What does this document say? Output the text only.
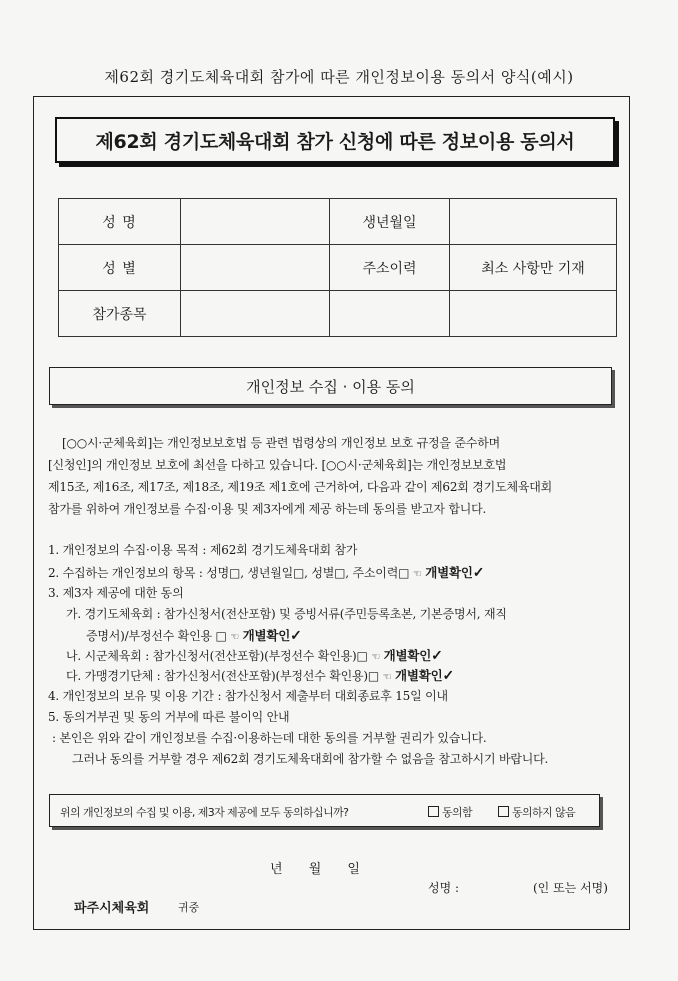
제62회 경기도체육대회 참가에 따른 개인정보이용 동의서 양식(예시)
제62회 경기도체육대회 참가 신청에 따른 정보이용 동의서
성 명		생년월일	
성 별		주소이력	최소 사항만 기재
참가종목			
개인정보 수집 · 이용 동의
[○○시·군체육회]는 개인정보보호법 등 관련 법령상의 개인정보 보호 규정을 준수하며
[신청인]의 개인정보 보호에 최선을 다하고 있습니다. [○○시·군체육회]는 개인정보보호법
제15조, 제16조, 제17조, 제18조, 제19조 제1호에 근거하여, 다음과 같이 제62회 경기도체육대회
참가를 위하여 개인정보를 수집·이용 및 제3자에게 제공 하는데 동의를 받고자 합니다.
1. 개인정보의 수집·이용 목적 : 제62회 경기도체육대회 참가
2. 수집하는 개인정보의 항목 : 성명□, 생년월일□, 성별□, 주소이력□ ☜ 개별확인✓
3. 제3자 제공에 대한 동의
가. 경기도체육회 : 참가신청서(전산포함) 및 증빙서류(주민등록초본, 기본증명서, 재직
증명서)/부정선수 확인용 □ ☜ 개별확인✓
나. 시군체육회 : 참가신청서(전산포함)(부정선수 확인용)□ ☜ 개별확인✓
다. 가맹경기단체 : 참가신청서(전산포함)(부정선수 확인용)□ ☜ 개별확인✓
4. 개인정보의 보유 및 이용 기간 : 참가신청서 제출부터 대회종료후 15일 이내
5. 동의거부권 및 동의 거부에 따른 불이익 안내
: 본인은 위와 같이 개인정보를 수집·이용하는데 대한 동의를 거부할 권리가 있습니다.
그러나 동의를 거부할 경우 제62회 경기도체육대회에 참가할 수 없음을 참고하시기 바랍니다.
위의 개인정보의 수집 및 이용, 제3자 제공에 모두 동의하십니까?	동의함	동의하지 않음
년 월 일
성명 :	(인 또는 서명)
파주시체육회	귀중
